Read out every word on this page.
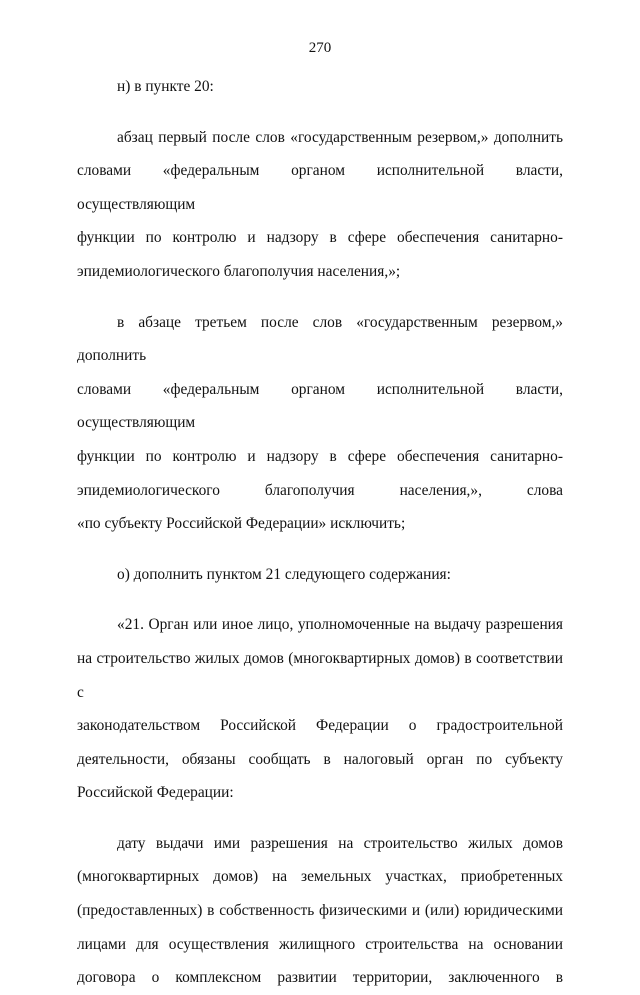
270

н) в пункте 20:

абзац первый после слов «государственным резервом,» дополнить
словами «федеральным органом исполнительной власти, осуществляющим
функции по контролю и надзору в сфере обеспечения санитарно-
эпидемиологического благополучия населения,»;

в абзаце третьем после слов «государственным резервом,» дополнить
словами «федеральным органом исполнительной власти, осуществляющим
функции по контролю и надзору в сфере обеспечения санитарно-
эпидемиологического благополучия населения,», слова
«по субъекту Российской Федерации» исключить;

о) дополнить пунктом 21 следующего содержания:

«21. Орган или иное лицо, уполномоченные на выдачу разрешения
на строительство жилых домов (многоквартирных домов) в соответствии с
законодательством Российской Федерации о градостроительной
деятельности, обязаны сообщать в налоговый орган по субъекту
Российской Федерации:

дату выдачи ими разрешения на строительство жилых домов
(многоквартирных домов) на земельных участках, приобретенных
(предоставленных) в собственность физическими и (или) юридическими
лицами для осуществления жилищного строительства на основании
договора о комплексном развитии территории, заключенного в
